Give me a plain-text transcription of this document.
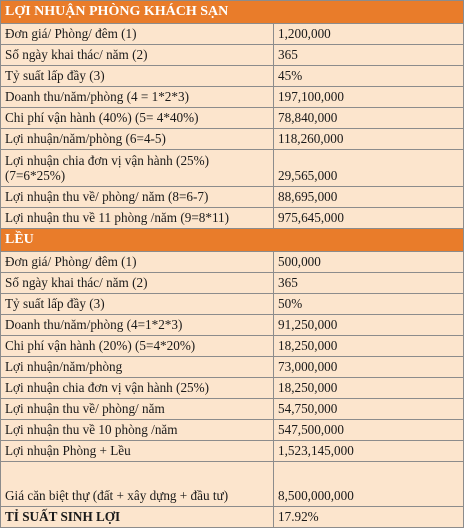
LỢI NHUẬN PHÒNG KHÁCH SẠN
Đơn giá/ Phòng/ đêm (1)	1,200,000
Số ngày khai thác/ năm (2)	365
Tỷ suất lấp đầy (3)	45%
Doanh thu/năm/phòng (4 = 1*2*3)	197,100,000
Chi phí vận hành (40%) (5= 4*40%)	78,840,000
Lợi nhuận/năm/phòng (6=4-5)	118,260,000
Lợi nhuận chia đơn vị vận hành (25%) (7=6*25%)	29,565,000
Lợi nhuận thu về/ phòng/ năm (8=6-7)	88,695,000
Lợi nhuận thu về 11 phòng /năm (9=8*11)	975,645,000
LỀU
Đơn giá/ Phòng/ đêm (1)	500,000
Số ngày khai thác/ năm (2)	365
Tỷ suất lấp đầy (3)	50%
Doanh thu/năm/phòng (4=1*2*3)	91,250,000
Chi phí vận hành (20%) (5=4*20%)	18,250,000
Lợi nhuận/năm/phòng	73,000,000
Lợi nhuận chia đơn vị vận hành (25%)	18,250,000
Lợi nhuận thu về/ phòng/ năm	54,750,000
Lợi nhuận thu về 10 phòng /năm	547,500,000
Lợi nhuận Phòng + Lều	1,523,145,000
Giá căn biệt thự (đất + xây dựng + đầu tư)	8,500,000,000
TỈ SUẤT SINH LỢI	17.92%
